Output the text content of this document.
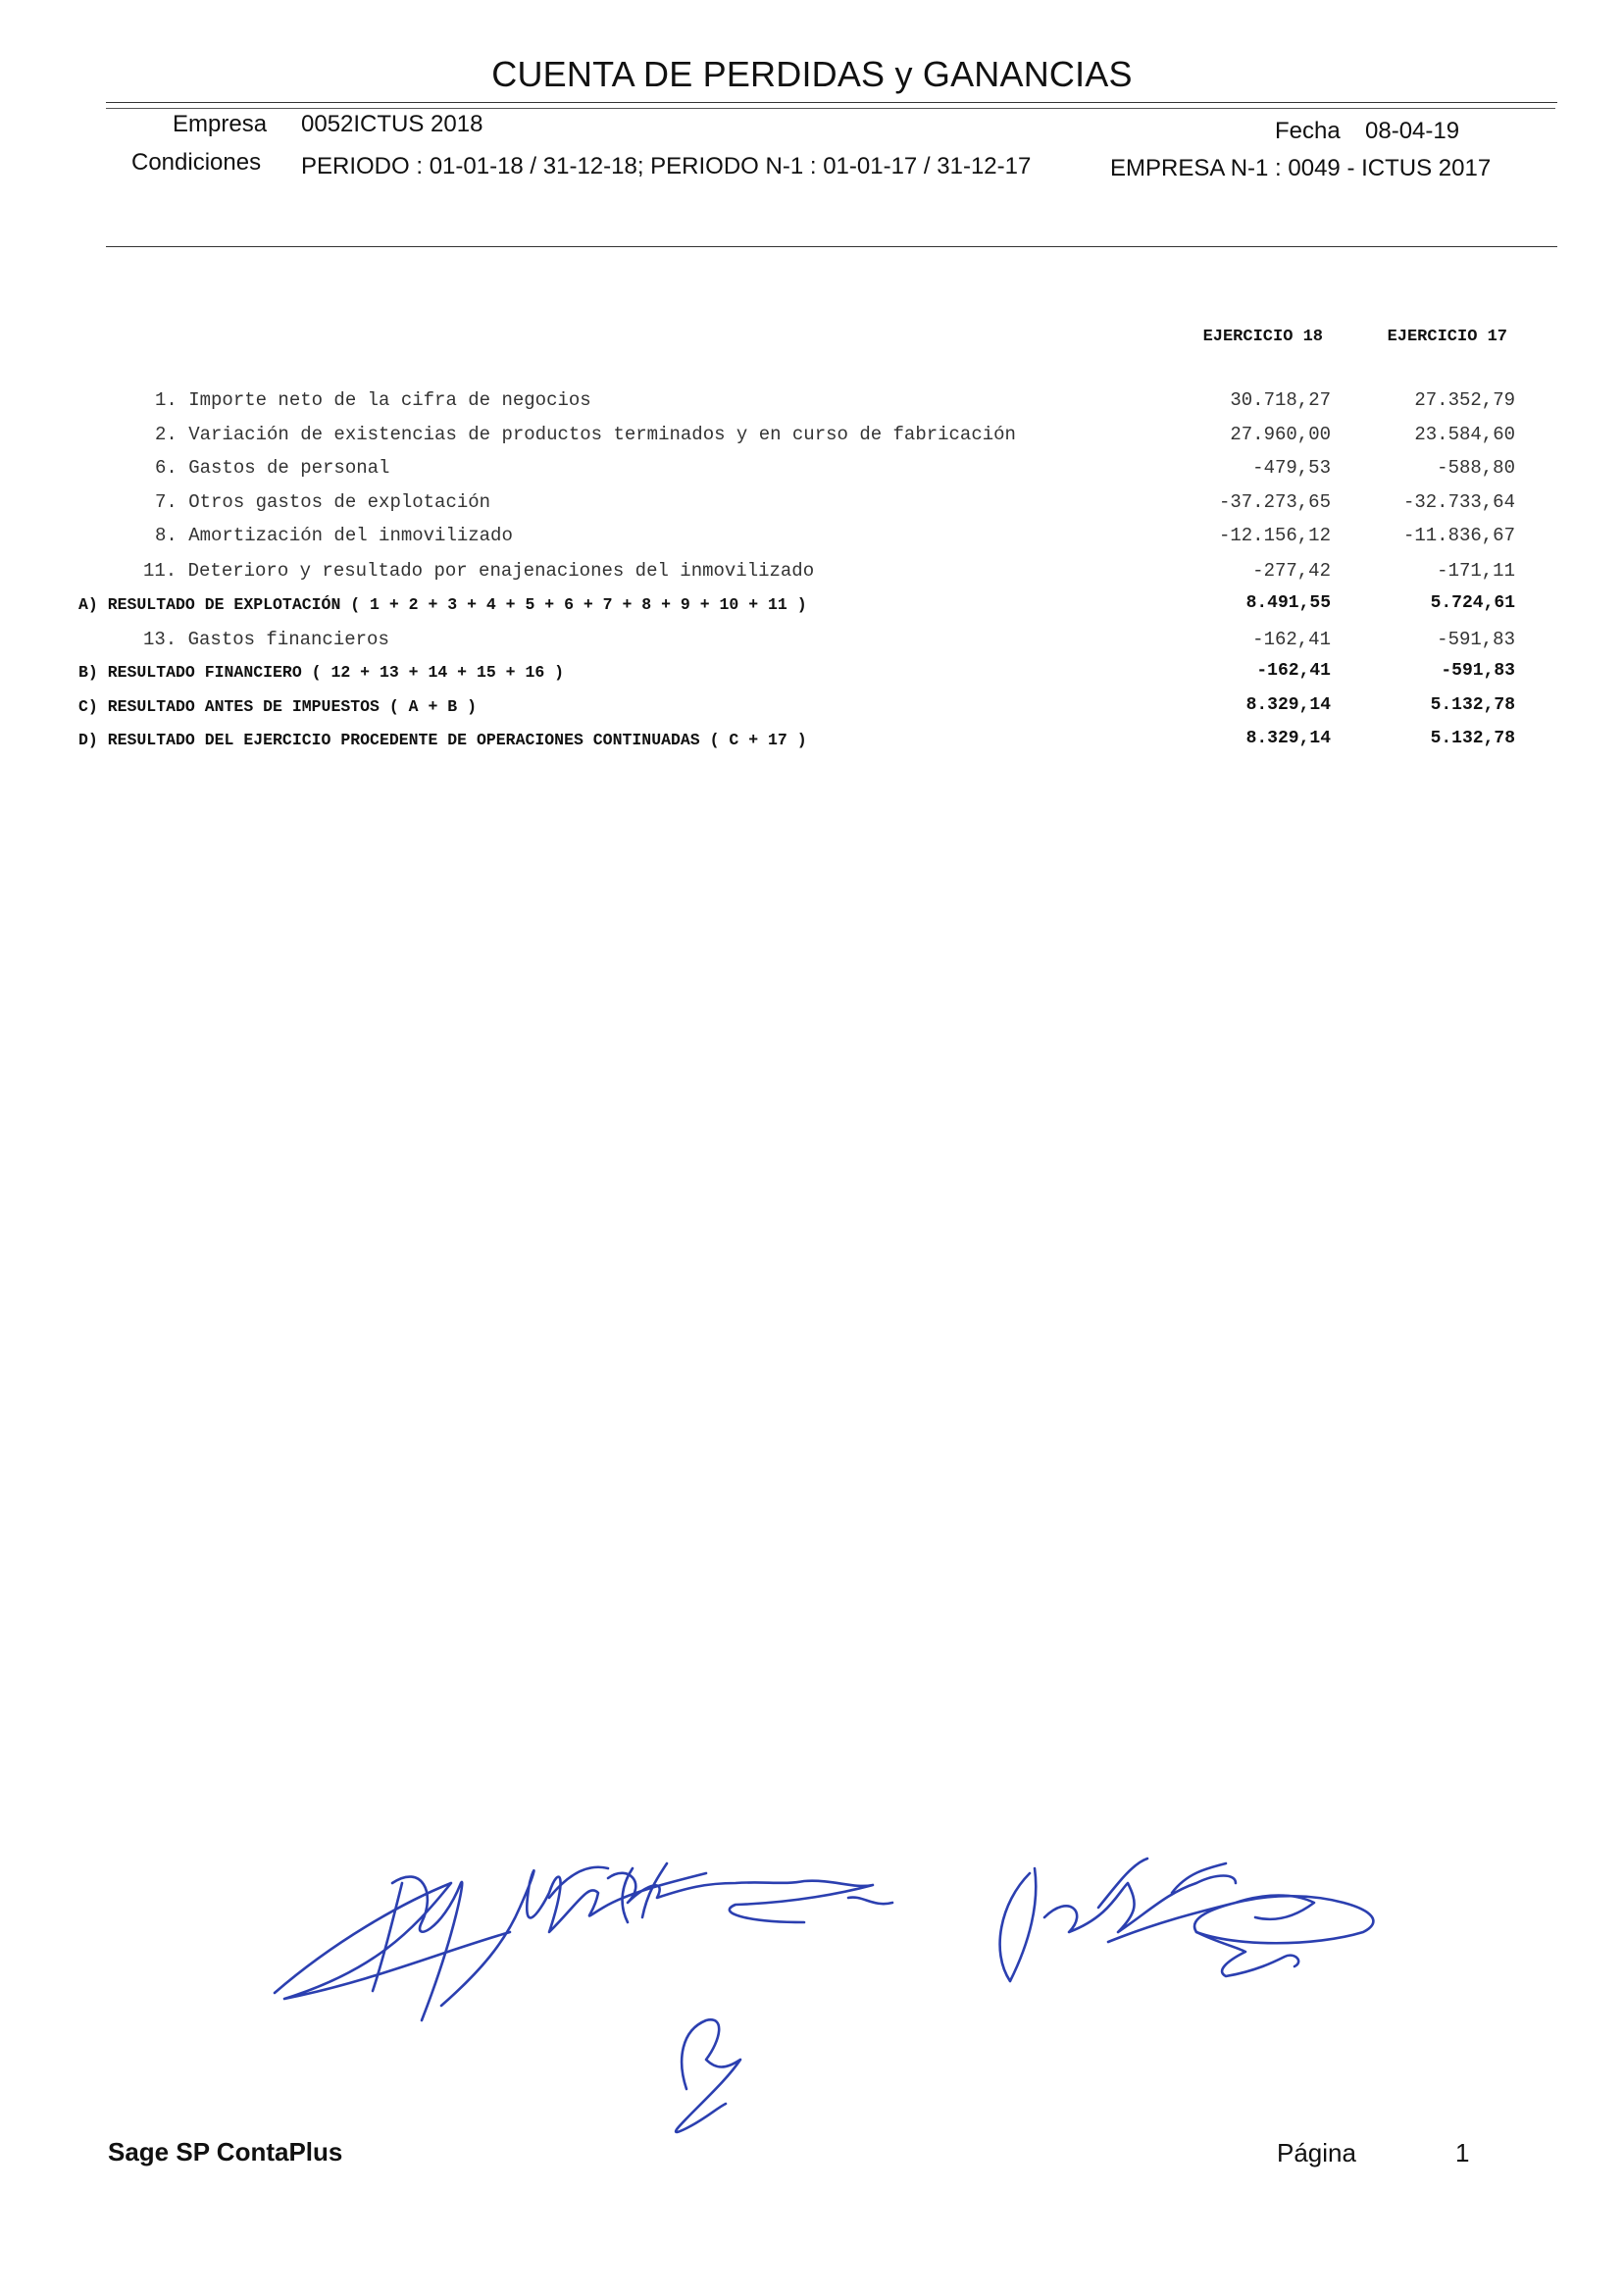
CUENTA DE PERDIDAS y GANANCIAS
Empresa 0052ICTUS 2018	Fecha 08-04-19
Condiciones PERIODO : 01-01-18 / 31-12-18; PERIODO N-1 : 01-01-17 / 31-12-17	EMPRESA N-1 : 0049 - ICTUS 2017
EJERCICIO 18	EJERCICIO 17
1. Importe neto de la cifra de negocios	30.718,27	27.352,79
2. Variación de existencias de productos terminados y en curso de fabricación	27.960,00	23.584,60
6. Gastos de personal	-479,53	-588,80
7. Otros gastos de explotación	-37.273,65	-32.733,64
8. Amortización del inmovilizado	-12.156,12	-11.836,67
11. Deterioro y resultado por enajenaciones del inmovilizado	-277,42	-171,11
A) RESULTADO DE EXPLOTACIÓN ( 1 + 2 + 3 + 4 + 5 + 6 + 7 + 8 + 9 + 10 + 11 )	8.491,55	5.724,61
13. Gastos financieros	-162,41	-591,83
B) RESULTADO FINANCIERO ( 12 + 13 + 14 + 15 + 16 )	-162,41	-591,83
C) RESULTADO ANTES DE IMPUESTOS ( A + B )	8.329,14	5.132,78
D) RESULTADO DEL EJERCICIO PROCEDENTE DE OPERACIONES CONTINUADAS ( C + 17 )	8.329,14	5.132,78
Sage SP ContaPlus	Página	1
